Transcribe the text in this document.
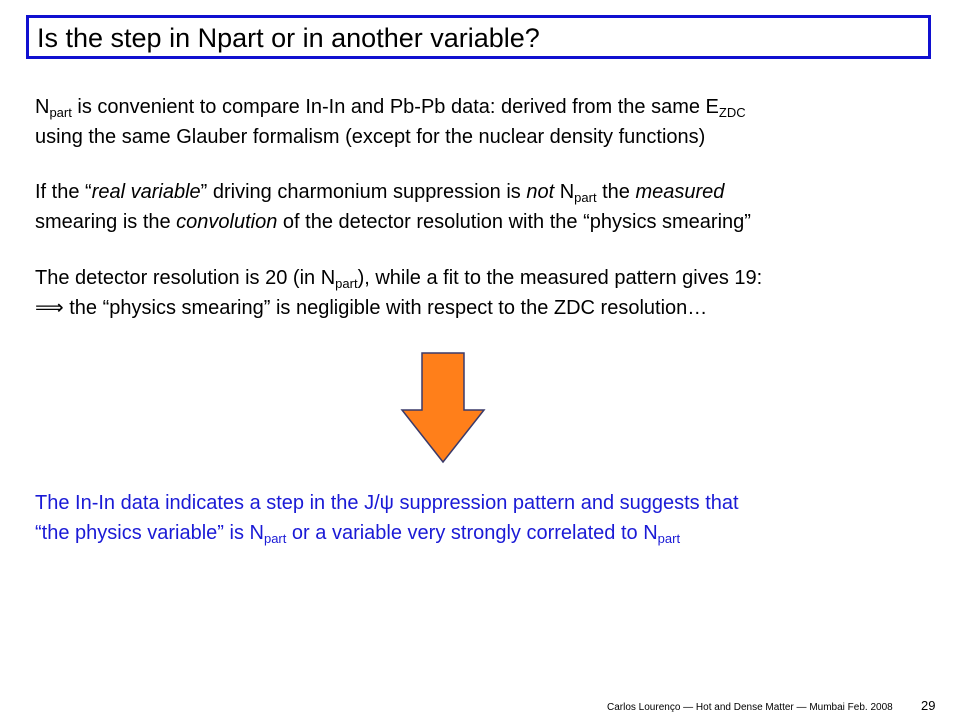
Is the step in Npart or in another variable?
$N_{part}$ is convenient to compare In-In and Pb-Pb data: derived from the same $E_{ZDC}$
using the same Glauber formalism (except for the nuclear density functions)
If the “real variable” driving charmonium suppression is not $N_{part}$ the measured
smearing is the convolution of the detector resolution with the “physics smearing”
The detector resolution is 20 (in $N_{part}$), while a fit to the measured pattern gives 19:
⟹ the “physics smearing” is negligible with respect to the ZDC resolution…
The In-In data indicates a step in the J/ψ suppression pattern and suggests that
“the physics variable” is $N_{part}$ or a variable very strongly correlated to $N_{part}$
Carlos Lourenço — Hot and Dense Matter — Mumbai Feb. 2008 29
